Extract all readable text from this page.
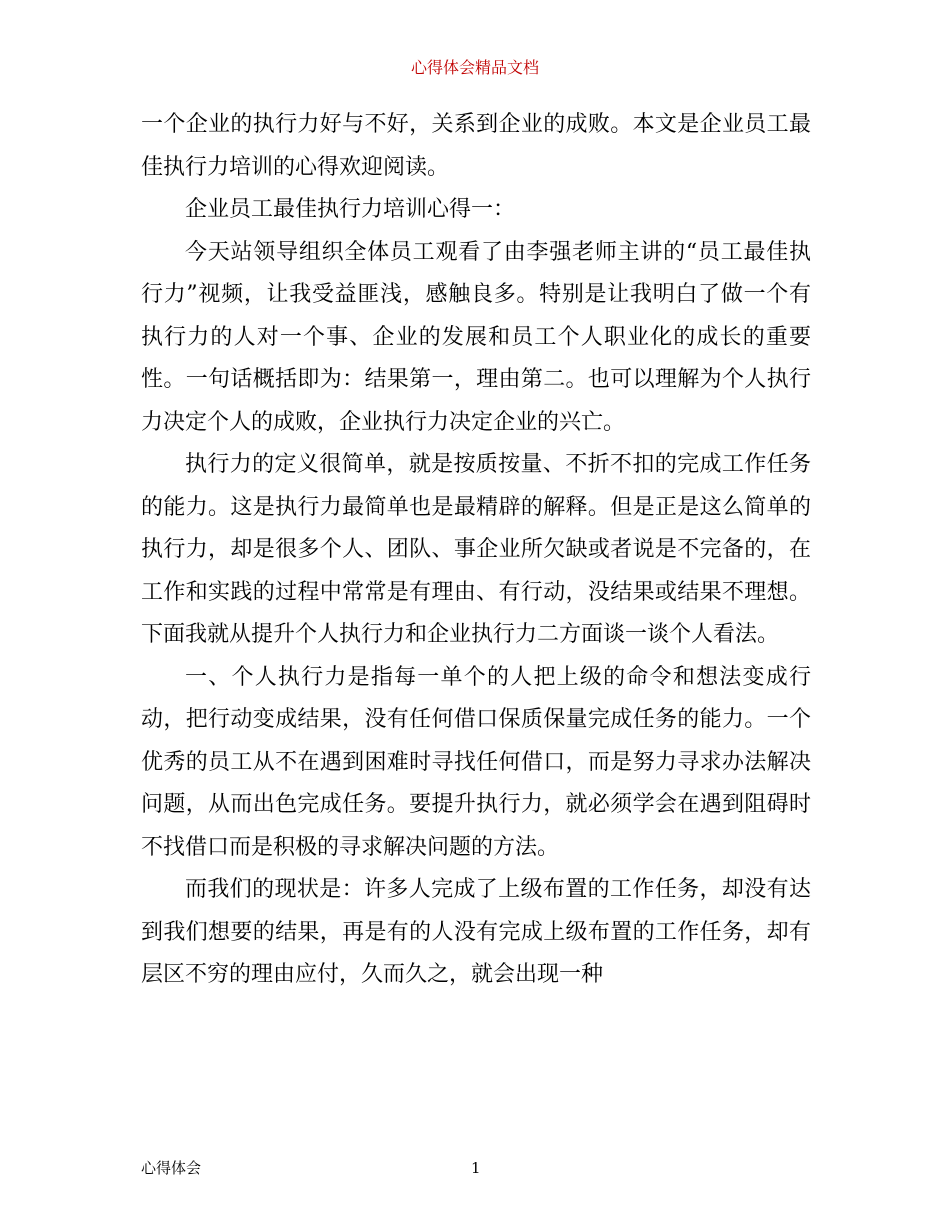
心得体会精品文档

一个企业的执行力好与不好，关系到企业的成败。本文是企业员工最佳执行力培训的心得欢迎阅读。

企业员工最佳执行力培训心得一：

今天站领导组织全体员工观看了由李强老师主讲的“员工最佳执行力”视频，让我受益匪浅，感触良多。特别是让我明白了做一个有执行力的人对一个事、企业的发展和员工个人职业化的成长的重要性。一句话概括即为：结果第一，理由第二。也可以理解为个人执行力决定个人的成败，企业执行力决定企业的兴亡。

执行力的定义很简单，就是按质按量、不折不扣的完成工作任务的能力。这是执行力最简单也是最精辟的解释。但是正是这么简单的执行力，却是很多个人、团队、事企业所欠缺或者说是不完备的，在工作和实践的过程中常常是有理由、有行动，没结果或结果不理想。下面我就从提升个人执行力和企业执行力二方面谈一谈个人看法。

一、个人执行力是指每一单个的人把上级的命令和想法变成行动，把行动变成结果，没有任何借口保质保量完成任务的能力。一个优秀的员工从不在遇到困难时寻找任何借口，而是努力寻求办法解决问题，从而出色完成任务。要提升执行力，就必须学会在遇到阻碍时不找借口而是积极的寻求解决问题的方法。

而我们的现状是：许多人完成了上级布置的工作任务，却没有达到我们想要的结果，再是有的人没有完成上级布置的工作任务，却有层区不穷的理由应付，久而久之，就会出现一种

心得体会	1
